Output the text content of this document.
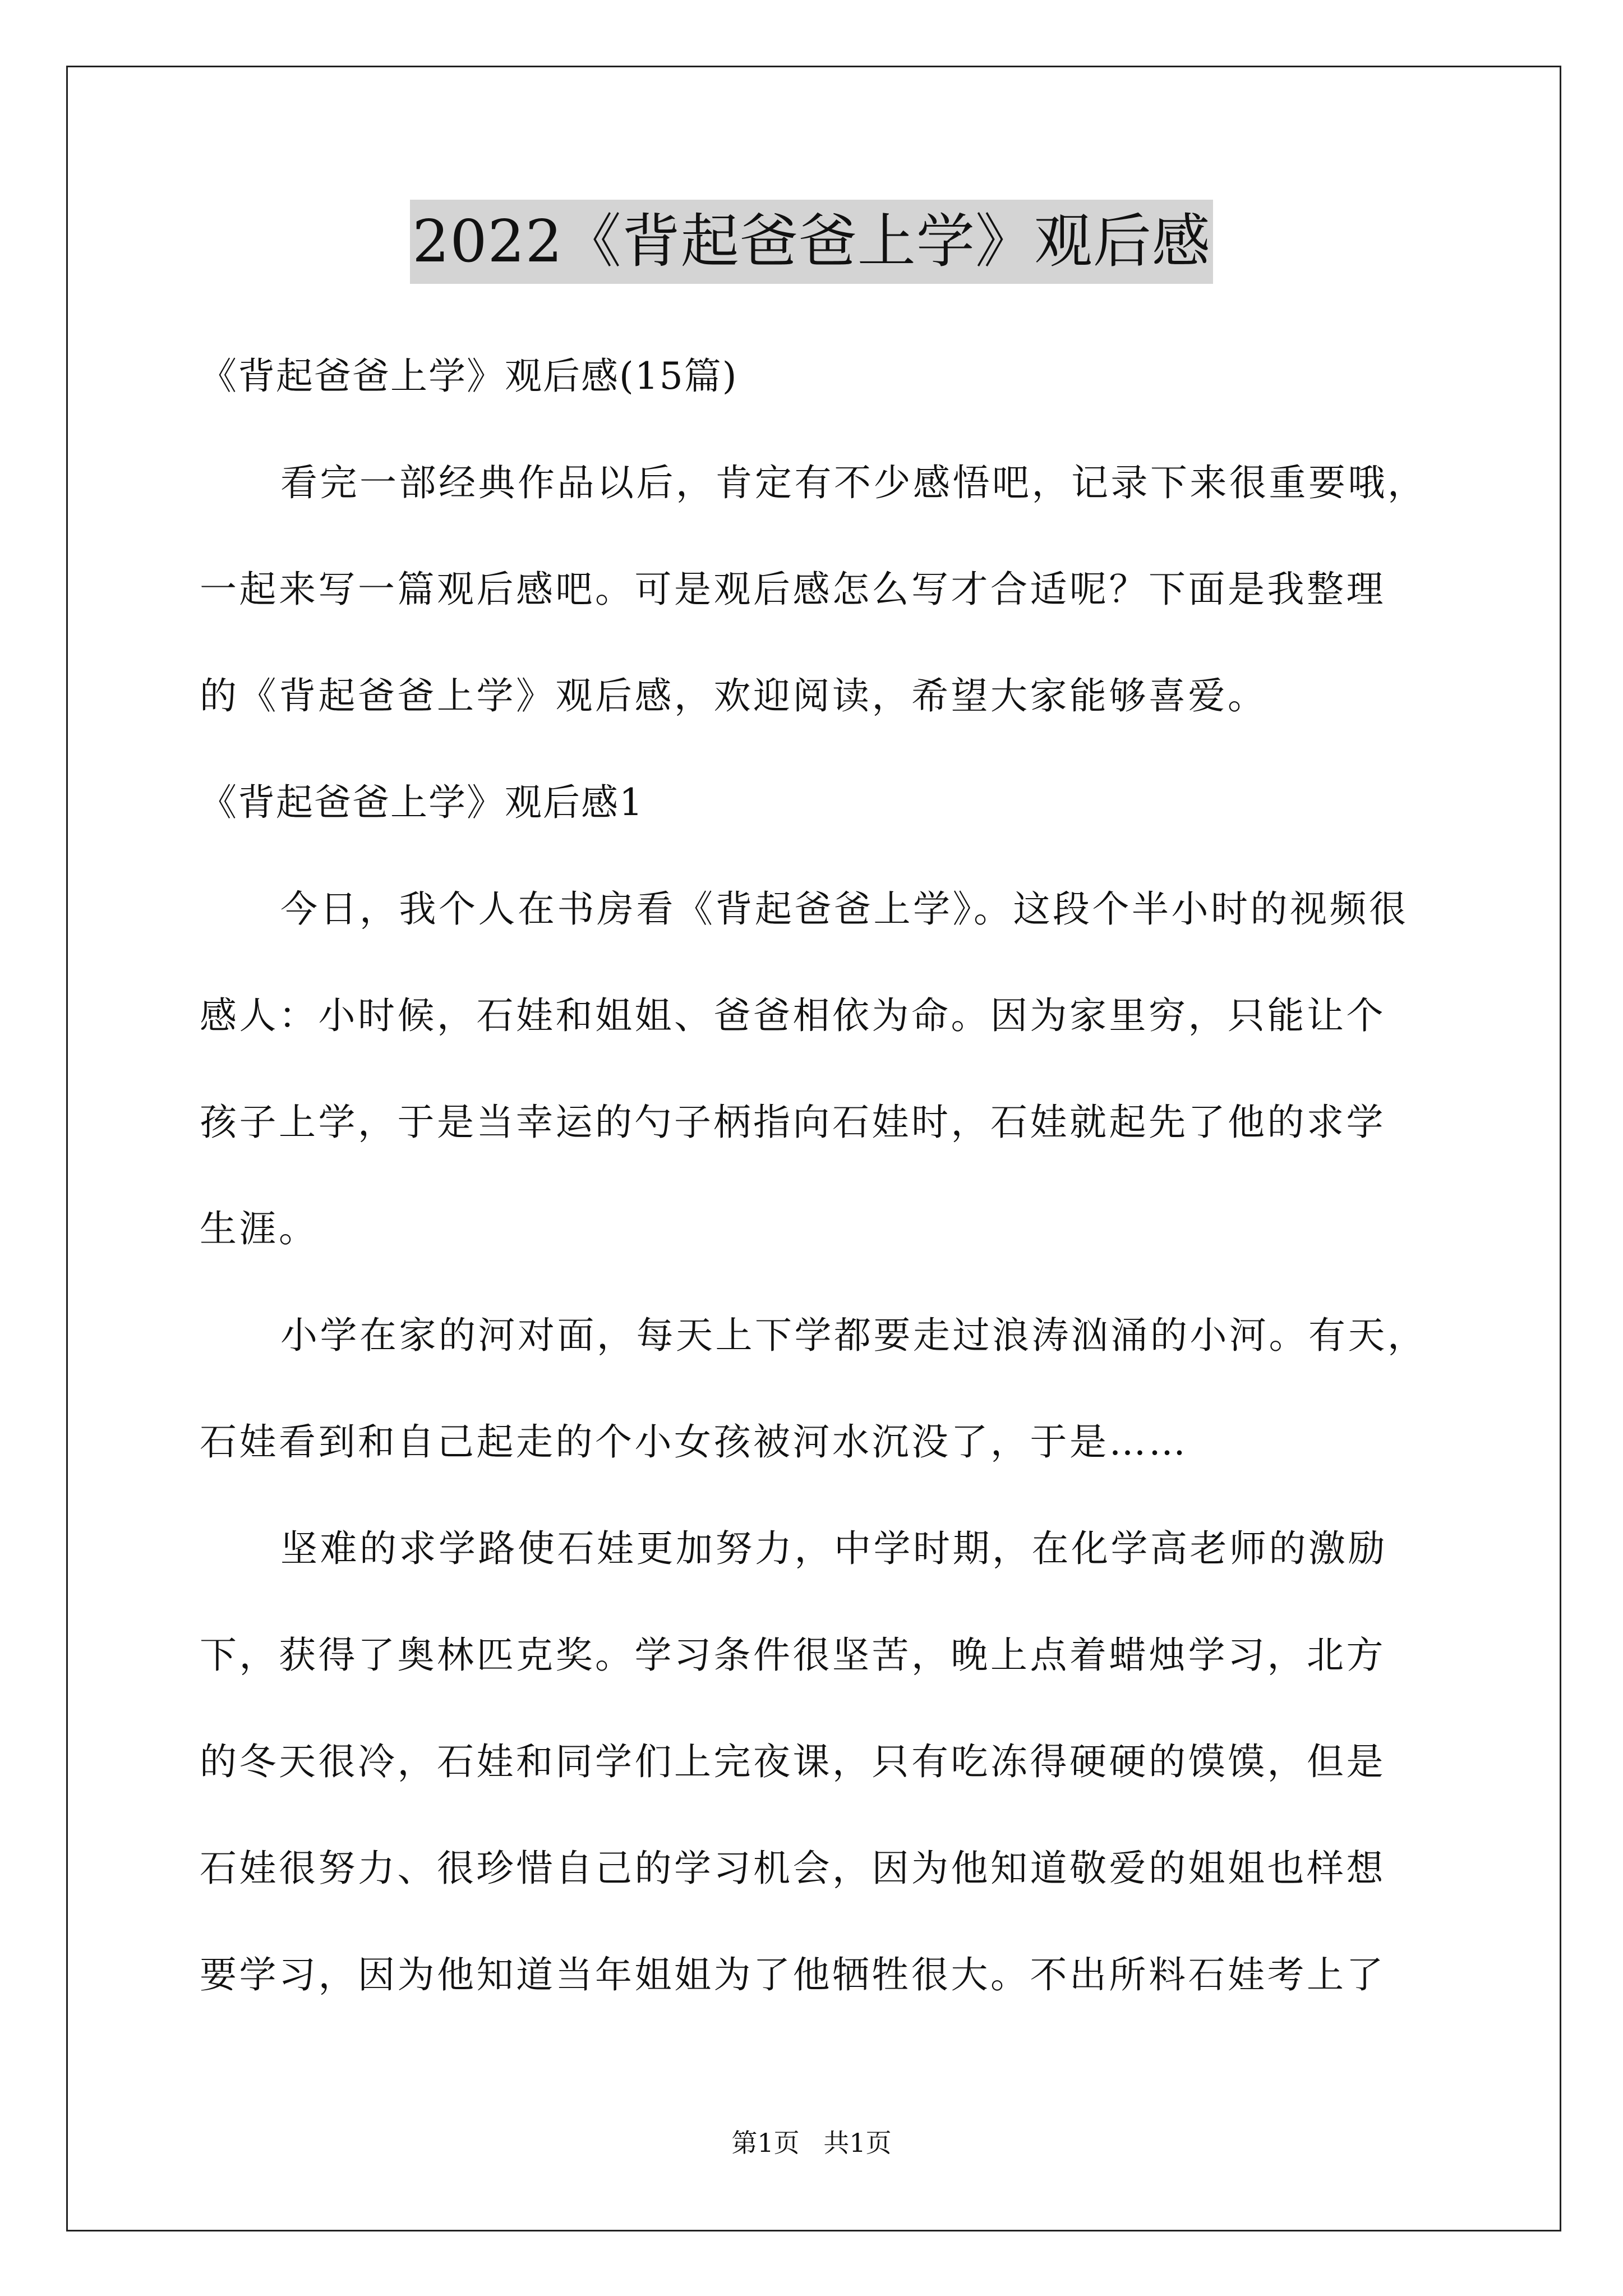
2022《背起爸爸上学》观后感

《背起爸爸上学》观后感(15篇)

看完一部经典作品以后，肯定有不少感悟吧，记录下来很重要哦，

一起来写一篇观后感吧。可是观后感怎么写才合适呢？下面是我整理

的《背起爸爸上学》观后感，欢迎阅读，希望大家能够喜爱。

《背起爸爸上学》观后感1

今日，我个人在书房看《背起爸爸上学》。这段个半小时的视频很

感人：小时候，石娃和姐姐、爸爸相依为命。因为家里穷，只能让个

孩子上学，于是当幸运的勺子柄指向石娃时，石娃就起先了他的求学

生涯。

小学在家的河对面，每天上下学都要走过浪涛汹涌的小河。有天，

石娃看到和自己起走的个小女孩被河水沉没了，于是……

坚难的求学路使石娃更加努力，中学时期，在化学高老师的激励

下，获得了奥林匹克奖。学习条件很坚苦，晚上点着蜡烛学习，北方

的冬天很冷，石娃和同学们上完夜课，只有吃冻得硬硬的馍馍，但是

石娃很努力、很珍惜自己的学习机会，因为他知道敬爱的姐姐也样想

要学习，因为他知道当年姐姐为了他牺牲很大。不出所料石娃考上了

第1页 共1页
